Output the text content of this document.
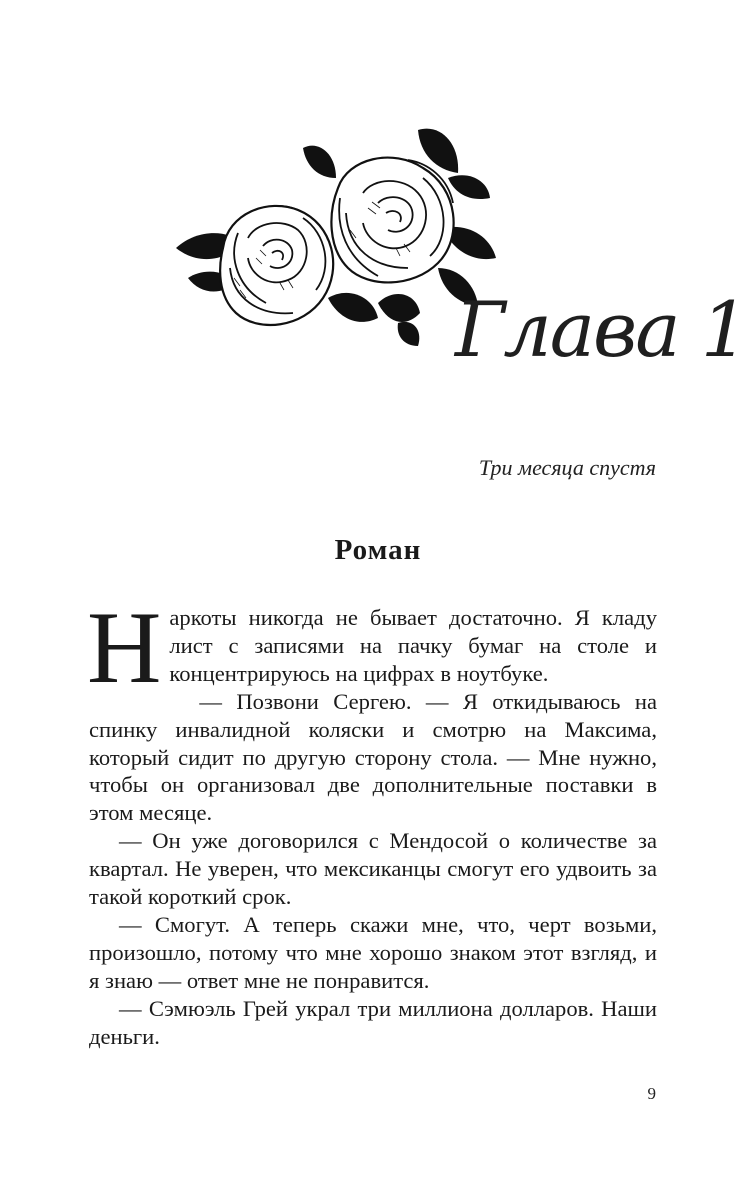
Глава 1
Три месяца спустя
Роман

Наркоты никогда не бывает достаточно. Я кладу лист с записями на пачку бумаг на столе и концентрируюсь на цифрах в ноутбуке.

— Позвони Сергею. — Я откидываюсь на спинку инвалидной коляски и смотрю на Максима, который сидит по другую сторону стола. — Мне нужно, чтобы он организовал две дополнительные поставки в этом месяце.

— Он уже договорился с Мендосой о количестве за квартал. Не уверен, что мексиканцы смогут его удвоить за такой короткий срок.

— Смогут. А теперь скажи мне, что, черт возьми, произошло, потому что мне хорошо знаком этот взгляд, и я знаю — ответ мне не понравится.

— Сэмюэль Грей украл три миллиона долларов. Наши деньги.

9
